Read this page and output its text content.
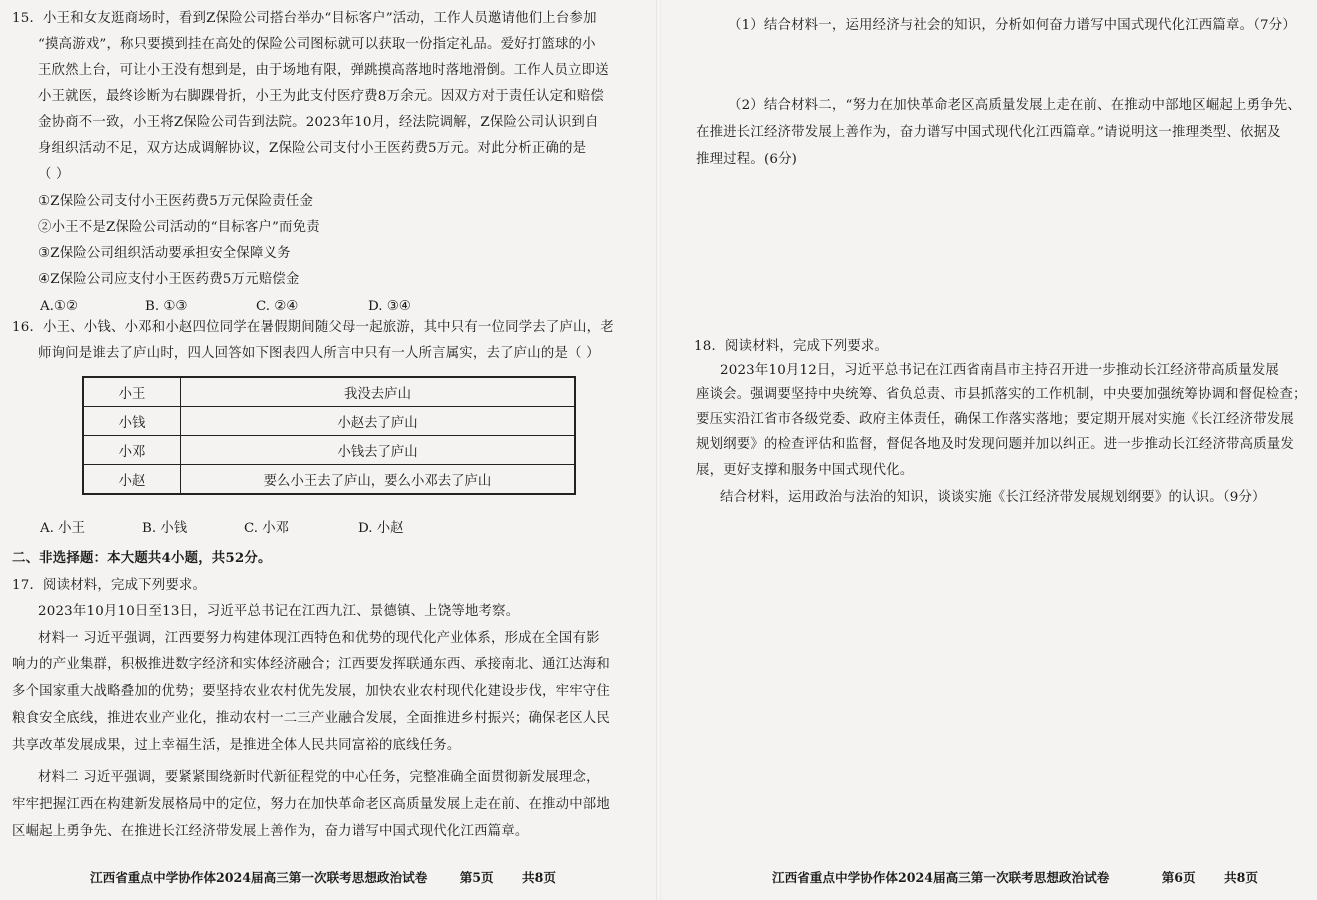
15．小王和女友逛商场时，看到Z保险公司搭台举办“目标客户”活动，工作人员邀请他们上台参加
“摸高游戏”，称只要摸到挂在高处的保险公司图标就可以获取一份指定礼品。爱好打篮球的小
王欣然上台，可让小王没有想到是，由于场地有限，弹跳摸高落地时落地滑倒。工作人员立即送
小王就医，最终诊断为右脚踝骨折，小王为此支付医疗费8万余元。因双方对于责任认定和赔偿
金协商不一致，小王将Z保险公司告到法院。2023年10月，经法院调解，Z保险公司认识到自
身组织活动不足，双方达成调解协议，Z保险公司支付小王医药费5万元。对此分析正确的是
（ ）
①Z保险公司支付小王医药费5万元保险责任金
②小王不是Z保险公司活动的“目标客户”而免责
③Z保险公司组织活动要承担安全保障义务
④Z保险公司应支付小王医药费5万元赔偿金
A.①②	B. ①③	C. ②④	D. ③④
16．小王、小钱、小邓和小赵四位同学在暑假期间随父母一起旅游，其中只有一位同学去了庐山，老
师询问是谁去了庐山时，四人回答如下图表四人所言中只有一人所言属实，去了庐山的是（ ）
小王	我没去庐山
小钱	小赵去了庐山
小邓	小钱去了庐山
小赵	要么小王去了庐山，要么小邓去了庐山
A. 小王	B. 小钱	C. 小邓	D. 小赵
二、非选择题：本大题共4小题，共52分。
17．阅读材料，完成下列要求。
2023年10月10日至13日，习近平总书记在江西九江、景德镇、上饶等地考察。
材料一 习近平强调，江西要努力构建体现江西特色和优势的现代化产业体系，形成在全国有影
响力的产业集群，积极推进数字经济和实体经济融合；江西要发挥联通东西、承接南北、通江达海和
多个国家重大战略叠加的优势；要坚持农业农村优先发展，加快农业农村现代化建设步伐，牢牢守住
粮食安全底线，推进农业产业化，推动农村一二三产业融合发展，全面推进乡村振兴；确保老区人民
共享改革发展成果，过上幸福生活，是推进全体人民共同富裕的底线任务。
材料二 习近平强调，要紧紧围绕新时代新征程党的中心任务，完整准确全面贯彻新发展理念，
牢牢把握江西在构建新发展格局中的定位，努力在加快革命老区高质量发展上走在前、在推动中部地
区崛起上勇争先、在推进长江经济带发展上善作为，奋力谱写中国式现代化江西篇章。
江西省重点中学协作体2024届高三第一次联考思想政治试卷	第5页 共8页
（1）结合材料一，运用经济与社会的知识，分析如何奋力谱写中国式现代化江西篇章。（7分）
（2）结合材料二，“努力在加快革命老区高质量发展上走在前、在推动中部地区崛起上勇争先、
在推进长江经济带发展上善作为，奋力谱写中国式现代化江西篇章。”请说明这一推理类型、依据及
推理过程。(6分)
18．阅读材料，完成下列要求。
2023年10月12日，习近平总书记在江西省南昌市主持召开进一步推动长江经济带高质量发展
座谈会。强调要坚持中央统筹、省负总责、市县抓落实的工作机制，中央要加强统筹协调和督促检查；
要压实沿江省市各级党委、政府主体责任，确保工作落实落地；要定期开展对实施《长江经济带发展
规划纲要》的检查评估和监督，督促各地及时发现问题并加以纠正。进一步推动长江经济带高质量发
展，更好支撑和服务中国式现代化。
结合材料，运用政治与法治的知识，谈谈实施《长江经济带发展规划纲要》的认识。（9分）
江西省重点中学协作体2024届高三第一次联考思想政治试卷	第6页 共8页
